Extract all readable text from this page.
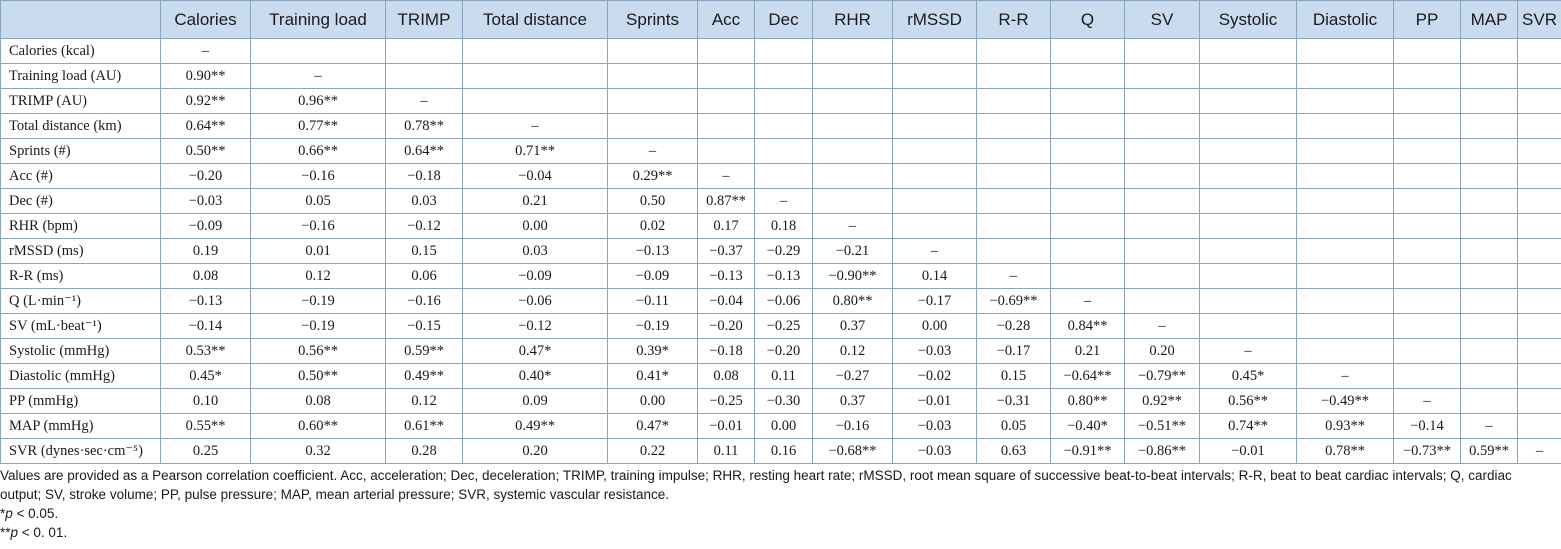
	Calories	Training load	TRIMP	Total distance	Sprints	Acc	Dec	RHR	rMSSD	R-R	Q	SV	Systolic	Diastolic	PP	MAP	SVR
Calories (kcal)	–																
Training load (AU)	0.90**	–															
TRIMP (AU)	0.92**	0.96**	–														
Total distance (km)	0.64**	0.77**	0.78**	–													
Sprints (#)	0.50**	0.66**	0.64**	0.71**	–												
Acc (#)	−0.20	−0.16	−0.18	−0.04	0.29**	–											
Dec (#)	−0.03	0.05	0.03	0.21	0.50	0.87**	–										
RHR (bpm)	−0.09	−0.16	−0.12	0.00	0.02	0.17	0.18	–									
rMSSD (ms)	0.19	0.01	0.15	0.03	−0.13	−0.37	−0.29	−0.21	–								
R-R (ms)	0.08	0.12	0.06	−0.09	−0.09	−0.13	−0.13	−0.90**	0.14	–							
Q (L·min⁻¹)	−0.13	−0.19	−0.16	−0.06	−0.11	−0.04	−0.06	0.80**	−0.17	−0.69**	–						
SV (mL·beat⁻¹)	−0.14	−0.19	−0.15	−0.12	−0.19	−0.20	−0.25	0.37	0.00	−0.28	0.84**	–					
Systolic (mmHg)	0.53**	0.56**	0.59**	0.47*	0.39*	−0.18	−0.20	0.12	−0.03	−0.17	0.21	0.20	–				
Diastolic (mmHg)	0.45*	0.50**	0.49**	0.40*	0.41*	0.08	0.11	−0.27	−0.02	0.15	−0.64**	−0.79**	0.45*	–			
PP (mmHg)	0.10	0.08	0.12	0.09	0.00	−0.25	−0.30	0.37	−0.01	−0.31	0.80**	0.92**	0.56**	−0.49**	–		
MAP (mmHg)	0.55**	0.60**	0.61**	0.49**	0.47*	−0.01	0.00	−0.16	−0.03	0.05	−0.40*	−0.51**	0.74**	0.93**	−0.14	–	
SVR (dynes·sec·cm⁻⁵)	0.25	0.32	0.28	0.20	0.22	0.11	0.16	−0.68**	−0.03	0.63	−0.91**	−0.86**	−0.01	0.78**	−0.73**	0.59**	–

Values are provided as a Pearson correlation coefficient. Acc, acceleration; Dec, deceleration; TRIMP, training impulse; RHR, resting heart rate; rMSSD, root mean square of successive beat-to-beat intervals; R-R, beat to beat cardiac intervals; Q, cardiac output; SV, stroke volume; PP, pulse pressure; MAP, mean arterial pressure; SVR, systemic vascular resistance.

*p < 0.05.

**p < 0. 01.
